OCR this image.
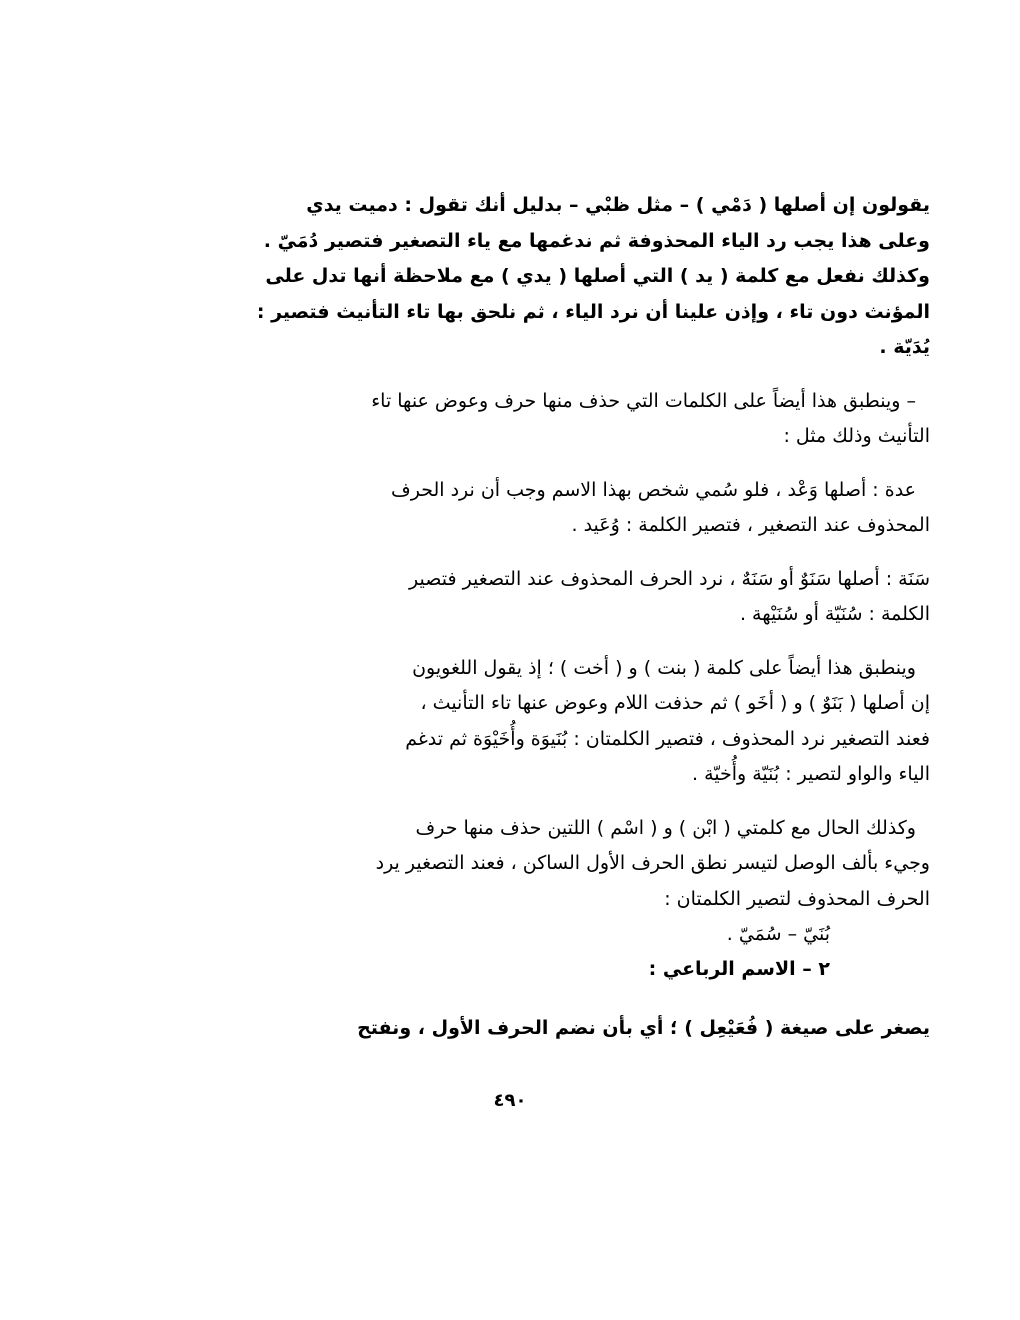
يقولون إن أصلها ( دَمْي ) – مثل ظبْي – بدليل أنك تقول : دميت يدي
وعلى هذا يجب رد الياء المحذوفة ثم ندغمها مع ياء التصغير فتصير دُمَيّ .
وكذلك نفعل مع كلمة ( يد ) التي أصلها ( يدي ) مع ملاحظة أنها تدل على
المؤنث دون تاء ، وإذن علينا أن نرد الياء ، ثم نلحق بها تاء التأنيث فتصير :
يُدَيّة .

– وينطبق هذا أيضاً على الكلمات التي حذف منها حرف وعوض عنها تاء
التأنيث وذلك مثل :

عدة : أصلها وَعْد ، فلو سُمي شخص بهذا الاسم وجب أن نرد الحرف
المحذوف عند التصغير ، فتصير الكلمة : وُعَيد .

سَنَة : أصلها سَنَوٌ أو سَنَهٌ ، نرد الحرف المحذوف عند التصغير فتصير
الكلمة : سُنَيّة أو سُنَيْهة .

وينطبق هذا أيضاً على كلمة ( بنت ) و ( أخت ) ؛ إذ يقول اللغويون
إن أصلها ( بَنَوٌ ) و ( أخَو ) ثم حذفت اللام وعوض عنها تاء التأنيث ،
فعند التصغير نرد المحذوف ، فتصير الكلمتان : بُنَيوَة وأُخَيْوَة ثم تدغم
الياء والواو لتصير : بُنَيّة وأُخيّة .

وكذلك الحال مع كلمتي ( ابْن ) و ( اسْم ) اللتين حذف منها حرف
وجيء بألف الوصل لتيسر نطق الحرف الأول الساكن ، فعند التصغير يرد
الحرف المحذوف لتصير الكلمتان :

بُنَيّ – سُمَيّ .

٢ – الاسم الرباعي :

يصغر على صيغة ( فُعَيْعِل ) ؛ أي بأن نضم الحرف الأول ، ونفتح

٤٩٠
